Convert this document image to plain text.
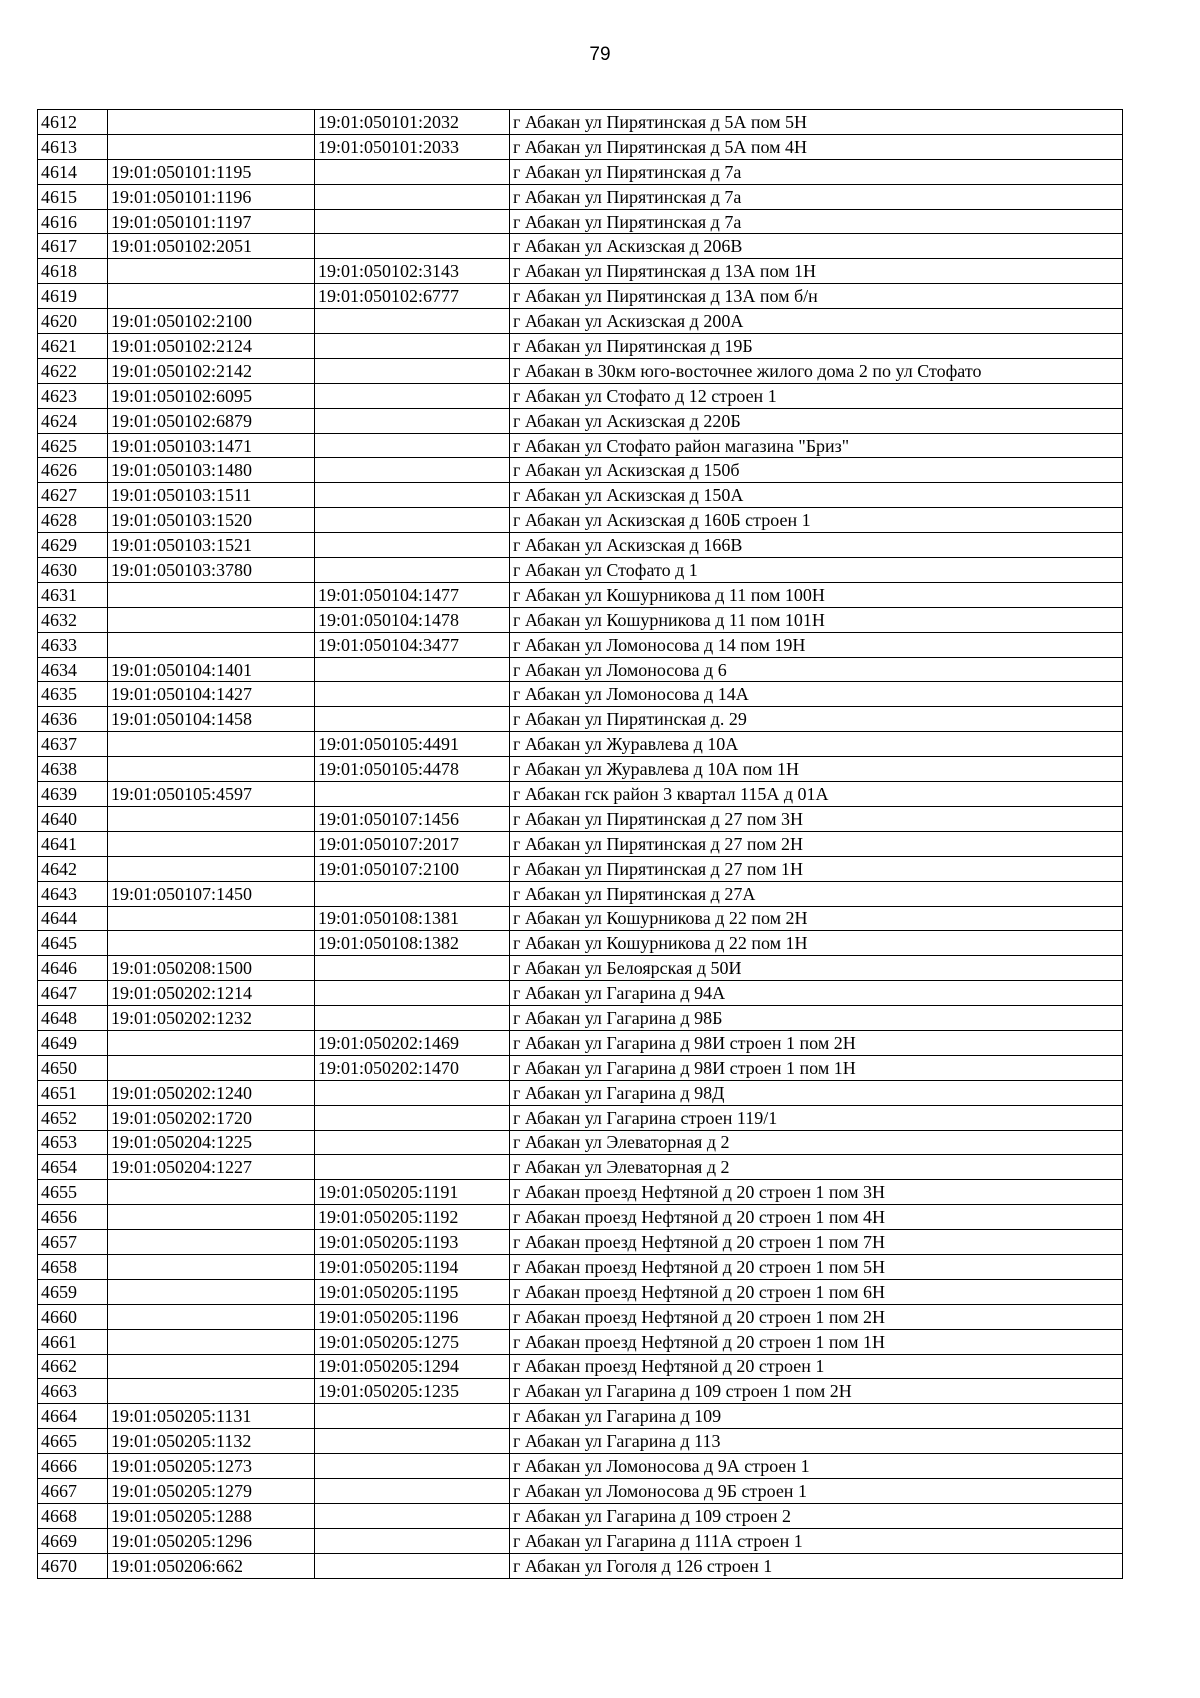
79
4612		19:01:050101:2032	г Абакан ул Пирятинская д 5А пом 5Н
4613		19:01:050101:2033	г Абакан ул Пирятинская д 5А пом 4Н
4614	19:01:050101:1195		г Абакан ул Пирятинская д 7а
4615	19:01:050101:1196		г Абакан ул Пирятинская д 7а
4616	19:01:050101:1197		г Абакан ул Пирятинская д 7а
4617	19:01:050102:2051		г Абакан ул Аскизская д 206В
4618		19:01:050102:3143	г Абакан ул Пирятинская д 13А пом 1Н
4619		19:01:050102:6777	г Абакан ул Пирятинская д 13А пом б/н
4620	19:01:050102:2100		г Абакан ул Аскизская д 200А
4621	19:01:050102:2124		г Абакан ул Пирятинская д 19Б
4622	19:01:050102:2142		г Абакан в 30км юго-восточнее жилого дома 2 по ул Стофато
4623	19:01:050102:6095		г Абакан ул Стофато д 12 строен 1
4624	19:01:050102:6879		г Абакан ул Аскизская д 220Б
4625	19:01:050103:1471		г Абакан ул Стофато район магазина "Бриз"
4626	19:01:050103:1480		г Абакан ул Аскизская д 150б
4627	19:01:050103:1511		г Абакан ул Аскизская д 150А
4628	19:01:050103:1520		г Абакан ул Аскизская д 160Б строен 1
4629	19:01:050103:1521		г Абакан ул Аскизская д 166В
4630	19:01:050103:3780		г Абакан ул Стофато д 1
4631		19:01:050104:1477	г Абакан ул Кошурникова д 11 пом 100Н
4632		19:01:050104:1478	г Абакан ул Кошурникова д 11 пом 101Н
4633		19:01:050104:3477	г Абакан ул Ломоносова д 14 пом 19Н
4634	19:01:050104:1401		г Абакан ул Ломоносова д 6
4635	19:01:050104:1427		г Абакан ул Ломоносова д 14А
4636	19:01:050104:1458		г Абакан ул Пирятинская д. 29
4637		19:01:050105:4491	г Абакан ул Журавлева д 10А
4638		19:01:050105:4478	г Абакан ул Журавлева д 10А пом 1Н
4639	19:01:050105:4597		г Абакан гск район 3 квартал 115А д 01А
4640		19:01:050107:1456	г Абакан ул Пирятинская д 27 пом 3Н
4641		19:01:050107:2017	г Абакан ул Пирятинская д 27 пом 2Н
4642		19:01:050107:2100	г Абакан ул Пирятинская д 27 пом 1Н
4643	19:01:050107:1450		г Абакан ул Пирятинская д 27А
4644		19:01:050108:1381	г Абакан ул Кошурникова д 22 пом 2Н
4645		19:01:050108:1382	г Абакан ул Кошурникова д 22 пом 1Н
4646	19:01:050208:1500		г Абакан ул Белоярская д 50И
4647	19:01:050202:1214		г Абакан ул Гагарина д 94А
4648	19:01:050202:1232		г Абакан ул Гагарина д 98Б
4649		19:01:050202:1469	г Абакан ул Гагарина д 98И строен 1 пом 2Н
4650		19:01:050202:1470	г Абакан ул Гагарина д 98И строен 1 пом 1Н
4651	19:01:050202:1240		г Абакан ул Гагарина д 98Д
4652	19:01:050202:1720		г Абакан ул Гагарина строен 119/1
4653	19:01:050204:1225		г Абакан ул Элеваторная д 2
4654	19:01:050204:1227		г Абакан ул Элеваторная д 2
4655		19:01:050205:1191	г Абакан проезд Нефтяной д 20 строен 1 пом 3Н
4656		19:01:050205:1192	г Абакан проезд Нефтяной д 20 строен 1 пом 4Н
4657		19:01:050205:1193	г Абакан проезд Нефтяной д 20 строен 1 пом 7Н
4658		19:01:050205:1194	г Абакан проезд Нефтяной д 20 строен 1 пом 5Н
4659		19:01:050205:1195	г Абакан проезд Нефтяной д 20 строен 1 пом 6Н
4660		19:01:050205:1196	г Абакан проезд Нефтяной д 20 строен 1 пом 2Н
4661		19:01:050205:1275	г Абакан проезд Нефтяной д 20 строен 1 пом 1Н
4662		19:01:050205:1294	г Абакан проезд Нефтяной д 20 строен 1
4663		19:01:050205:1235	г Абакан ул Гагарина д 109 строен 1 пом 2Н
4664	19:01:050205:1131		г Абакан ул Гагарина д 109
4665	19:01:050205:1132		г Абакан ул Гагарина д 113
4666	19:01:050205:1273		г Абакан ул Ломоносова д 9А строен 1
4667	19:01:050205:1279		г Абакан ул Ломоносова д 9Б строен 1
4668	19:01:050205:1288		г Абакан ул Гагарина д 109 строен 2
4669	19:01:050205:1296		г Абакан ул Гагарина д 111А строен 1
4670	19:01:050206:662		г Абакан ул Гоголя д 126 строен 1
